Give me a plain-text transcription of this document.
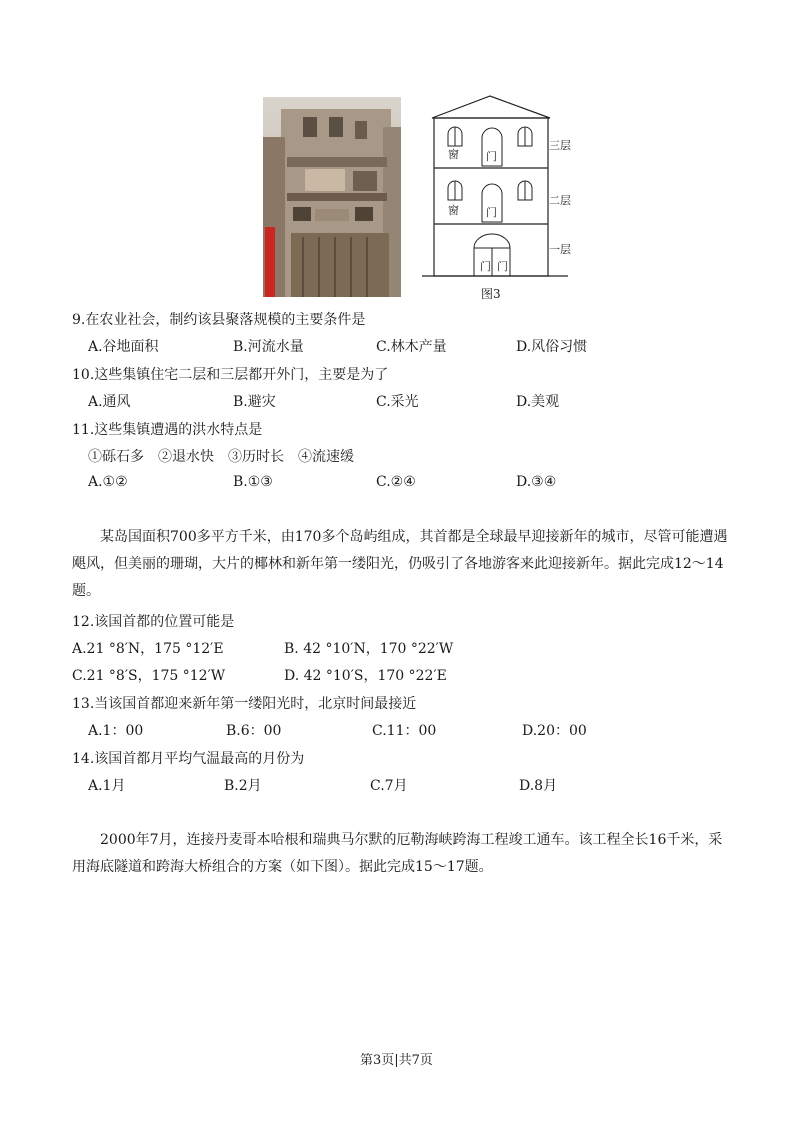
窗 门
窗 门
门 门
三层
二层
一层
图3
9.在农业社会，制约该县聚落规模的主要条件是
A.谷地面积	B.河流水量	C.林木产量	D.风俗习惯
10.这些集镇住宅二层和三层都开外门，主要是为了
A.通风	B.避灾	C.采光	D.美观
11.这些集镇遭遇的洪水特点是
①砾石多　②退水快　③历时长　④流速缓
A.①②	B.①③	C.②④	D.③④
某岛国面积700多平方千米，由170多个岛屿组成，其首都是全球最早迎接新年的城市，尽管可能遭遇飓风，但美丽的珊瑚，大片的椰林和新年第一缕阳光，仍吸引了各地游客来此迎接新年。据此完成12～14题。
12.该国首都的位置可能是
A.21 °8′N，175 °12′E	B. 42 °10′N，170 °22′W
C.21 °8′S，175 °12′W	D. 42 °10′S，170 °22′E
13.当该国首都迎来新年第一缕阳光时，北京时间最接近
A.1：00	B.6：00	C.11：00	D.20：00
14.该国首都月平均气温最高的月份为
A.1月	B.2月	C.7月	D.8月
2000年7月，连接丹麦哥本哈根和瑞典马尔默的厄勒海峡跨海工程竣工通车。该工程全长16千米，采用海底隧道和跨海大桥组合的方案（如下图）。据此完成15～17题。
第3页|共7页
